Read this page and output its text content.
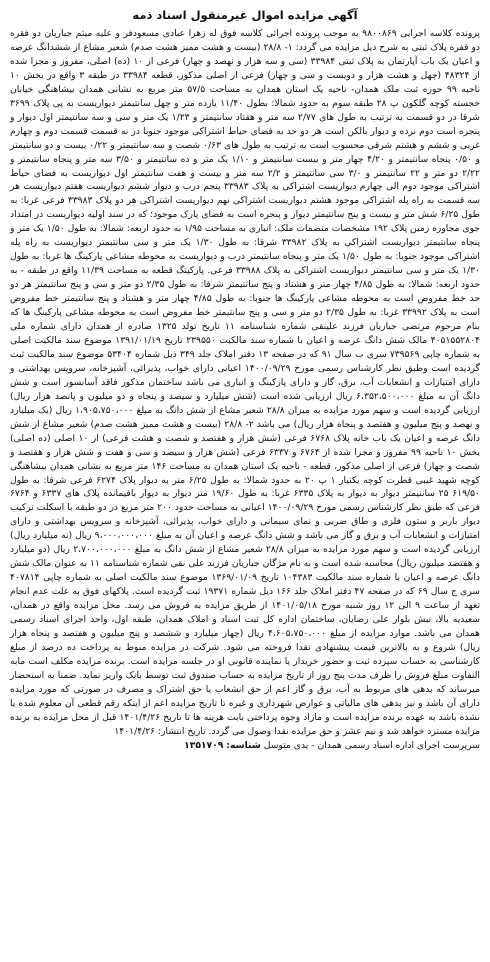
آگهی مزایده اموال غیرمنقول اسناد ذمه

پرونده کلاسه اجرایی ۹۸۰۰۸۶۹ به موجب پرونده اجرائی کلاسه فوق له زهرا عبادی مسعودفر و علیه میثم جباریان دو فقره دو قفره پلاک ثبتی به شرح ذیل مزایده می گردد: ۱- ۲۸/۸ (بیست و هشت ممیز هشت صدم) شعیر مشاع از ششدانگ عرصه و اعیان یک باب آپارتمان به پلاک ثبتی ۳۳۹۸۴ (سی و سه هزار و نهصد و چهار) فرعی از ۱۰ (ده) اصلی، مفروز و مجزا شده از ۴۸۳۲۴ (چهل و هشت هزار و دویست و سی و چهار) فرعی از اصلی مذکور، قطعه ۳۳۹۸۴ در طبقه ۳ واقع در بخش ۱۰ ناحیه ۹۹ حوزه ثبت ملک همدان- ناحیه یک استان همدان به مساحت ۵۷/۵ متر مربع به نشانی همدان بیشاهنگی خیابان خجسته کوچه گلکون پ ۲۸ طبقه سوم به حدود شمالا: بطول ۱۱/۴۰ یازده متر و چهل سانتیمتر دیواریست به پی پلاک ۳۶۹۹ شرقا در دو قسمت به ترتیب به طول های ۲/۷۷ سه متر و هفتاد سانتیمتر و ۱/۲۳ یک متر و سی و سه سانتیمتر اول دیوار و پنجره است دوم نرده و دیوار بالکن است هر دو حد به فضای حیاط اشتراکی موجود جنوبا در نه قسمت قسمت دوم و چهارم غربی و ششم و هشتم شرقی محسوب است به ترتیب به طول های ۰/۶۳ شصت و سه سانتیمتر و ۰/۲۲ بیست و دو سانتیمتر و ۰/۵۰ پنجاه سانتیمتر و ۴/۲۰ چهار متر و بیست سانتیمتر و ۱/۱۰ یک متر و ده سانتیمتر و ۳/۵۰ سه متر و پنجاه سانتیمتر و ۲/۲۲ دو متر و ۲۲ سانتیمتر و ۳/۰ سی سانتیمتر و ۲/۲ سه متر و بیست و هفت سانتیمتر اول دیواریست به فضای حیاط اشتراکی موجود دوم الی چهارم دیواریست اشتراکی به پلاک ۳۳۹۸۳ پنجم درب و دیوار ششم دیواریست هفتم دیواریست هر سه قسمت به راه پله اشتراکی موجود هشتم دیواریست اشتراکی نهم دیواریست اشتراکی هر دو پلاک ۳۳۹۸۳ فرعی غربا: به طول ۶/۲۵ شش متر و بیست و پنج سانتیمتر دیوار و پنجره است به فضای پارک موجود؛ که در سند اولیه دیواریست در امتداد جوی مجاوره زمین پلاک ۱۹۲ مشخصات منضمات ملک: انباری به مساحت ۱/۹۵ به حدود اربعه: شمالا: به طول ۱/۵۰ یک متر و پنجاه سانتیمتر دیواریست اشتراکی به پلاک ۳۳۹۸۲ شرقا: به طول ۱/۳۰ یک متر و سی سانتیمتر دیواریست به راه پله اشتراکی موجود جنوبا: به طول ۱/۵۰ یک متر و پنجاه سانتیمتر درب و دیواریست به محوطه مشاعی پارکینگ ها غربا: به طول ۱/۳۰ یک متر و سی سانتیمتر دیواریست اشتراکی به پلاک ۳۳۹۸۸ فرعی. پارکینگ قطعه به مساحت ۱۱/۳۹ واقع در طبقه - به حدود اربعه: شمالا: به طول ۴/۸۵ چهار متر و هشتاد و پنج سانتیمتر شرقا: به طول ۲/۳۵ دو متر و سی و پنج سانتیمتر هر دو حد خط مفروض است به محوطه مشاعی پارکینگ ها جنوبا: به طول ۴/۸۵ چهار متر و هشتاد و پنج سانتیمتر خط مفروض است به پلاک ۳۳۹۹۲ غربا: به طول ۲/۳۵ دو متر و سی و پنج سانتیمتر خط مفروض است به محوطه مشاعی پارکینگ ها که بنام مرحوم مرتضی جباریان فرزند علینقی شماره شناسنامه ۱۱ تاریخ تولد ۱۳۲۵ صادره از همدان دارای شماره ملی ۴۰۵۱۵۵۲۸۰۴ مالک شش دانگ عرصه و اعیان با شماره سند مالکیت ۲۳۹۵۵۰ تاریخ ۱۳۹۱/۰۱/۱۹ موضوع سند مالکیت اصلی به شماره چاپی ۷۳۹۵۶۹ سری ب سال ۹۱ که در صفحه ۱۳ دفتر املاک جلد ۳۴۹ ذیل شماره ۵۳۴۰۴ موضوع سند مالکیت ثبت گردیده است وطبق نظر کارشناس رسمی مورخ ۱۴۰۰/۰۹/۲۹ اعیانی دارای خواب، پذیرائی، آشپزخانه، سرویس بهداشتی و دارای امتیازات و انشعابات آب، برق، گاز و دارای پارکینگ و انباری می باشد ساختمان مذکور فاقد آسانسور است و شش دانگ آن به مبلغ ۶،۳۵۲،۵۰۰،۰۰۰ ریال ارزیابی شده است (شش میلیارد و سیصد و پنجاه و دو میلیون و پانصد هزار ریال) ارزیابی گردیده است و سهم مورد مزایده به میزان ۲۸/۸ شعیر مشاع از شش دانگ به مبلغ ۱،۹۰۵،۷۵۰،۰۰۰ ریال (یک میلیارد و نهصد و پنج میلیون و هفتصد و پنجاه هزار ریال) می باشد ۲- ۲۸/۸ (بیست و هشت ممیز هشت صدم) شعیر مشاع از شش دانگ عرصه و اعیان یک باب خانه پلاک ۶۷۶۸ فرعی (شش هزار و هفتصد و شصت و هشت فرعی) از ۱۰ اصلی (ده اصلی) بخش ۱۰ ناحیه ۹۹ مفروز و مجزا شده از ۶۷۶۴ و ۶۳۳۷ فرعی (شش هزار و سیصد و سی و هفت و شش هزار و هفتصد و شصت و چهار) فرعی از اصلی مذکور، قطعه - ناحیه یک استان همدان به مساحت ۱۴۶ متر مربع به نشانی همدان بیشاهنگی کوچه شهید غیبی قطرت کوچه یکتیار ۱ پ ۲۰ به حدود شمالا: به طول ۶/۲۵ متر به دیوار پلاک ۶۲۷۴ فرعی شرقا: به طول ۶۱۹/۵۰ ۲۵ سانتیمتر دیوار به دیوار به پلاک ۶۳۳۵ غربا: به طول ۱۹/۶۰ متر دیوار به دیوار باقیمانده پلاک های ۶۳۳۷ و ۶۷۶۴ فرعی که طبق نظر کارشناس رسمی مورخ ۱۴۰۰/۰۹/۲۹ اعیانی به مساحت حدود ۲۰۰ متر مربع در دو طبقه با اسکلت ترکیب دیوار باربر و ستون فلزی و طاق ضربی و نمای سیمانی و دارای خواب، پذیرائی، آشپزخانه و سرویس بهداشتی و دارای امتیازات و انشعابات آب و برق و گاز می باشد و شش دانگ عرصه و اعیان آن به مبلغ ۹،۰۰۰،۰۰۰،۰۰۰ ریال (نه میلیارد ریال) ارزیابی گردیده است و سهم مورد مزایده به میزان ۲۸/۸ شعیر مشاع از شش دانگ به مبلغ ۲،۷۰۰،۰۰۰،۰۰۰ ریال (دو میلیارد و هفتصد میلیون ریال) محاسبه شده است و به نام مژگان جباریان فرزند علی نقی شماره شناسنامه ۱۱ به عنوان مالک شش دانگ عرصه و اعیان با شماره سند مالکیت ۱۰۴۳۸۳ تاریخ ۱۳۶۹/۰۱/۰۹ موضوع سند مالکیت اصلی به شماره چاپی ۴۰۷۸۱۴ سری ج سال ۶۹ که در صفحه ۴۷ دفتر املاک جلد ۱۶۶ ذیل شماره ۱۹۳۷۱ ثبت گردیده است. پلاکهای فوق به علت عدم انجام تعهد از ساعت ۹ الی ۱۲ روز شنبه مورخ ۱۴۰۱/۰۵/۱۸ از طریق مزایده به فروش می رسد. محل مزایده واقع در همدان، سعیدیه بالا، نبش بلوار علی رضایان، ساختمان اداره کل ثبت اسناد و املاک همدان، طبقه اول، واحد اجرای اسناد رسمی همدان می باشد. موارد مزایده از مبلغ ۴،۶۰۵،۷۵۰،۰۰۰ ریال (چهار میلیارد و ششصد و پنج میلیون و هفتصد و پنجاه هزار ریال) شروع و به بالاترین قیمت پیشنهادی نقدا فروخته می شود. شرکت در مزایده منوط به پرداخت ده درصد از مبلغ کارشناسی به حساب سپرده ثبت و حضور خریدار یا نماینده قانونی او در جلسه مزایده است. برنده مزایده مکلف است مابه التفاوت مبلغ فروش را ظرف مدت پنج روز از تاریخ مزایده به حساب صندوق ثبت توسط بانک واریز نماید. ضمنا به استحضار میرساند که بدهی های مربوط به آب، برق و گاز اعم از حق انشعاب یا حق اشتراک و مصرف در صورتی که مورد مزایده دارای آن باشد و نیز بدهی های مالیاتی و عوارض شهرداری و غیره تا تاریخ مزایده اعم از اینکه رقم قطعی آن معلوم شده یا نشده باشد به عهده برنده مزایده است و مازاد وجوه پرداختی بابت هزینه ها تا تاریخ ۱۴۰۱/۴/۲۶ قبل از محل مزایده به برنده مزایده مسترد خواهد شد و نیم عشر و حق مزایده نقدا وصول می گردد. تاریخ انتشار: ۱۴۰۱/۴/۲۶

سرپرست اجرای اداره اسناد رسمی همدان - یدی متوسل شناسه: ۱۳۵۱۷۰۹
